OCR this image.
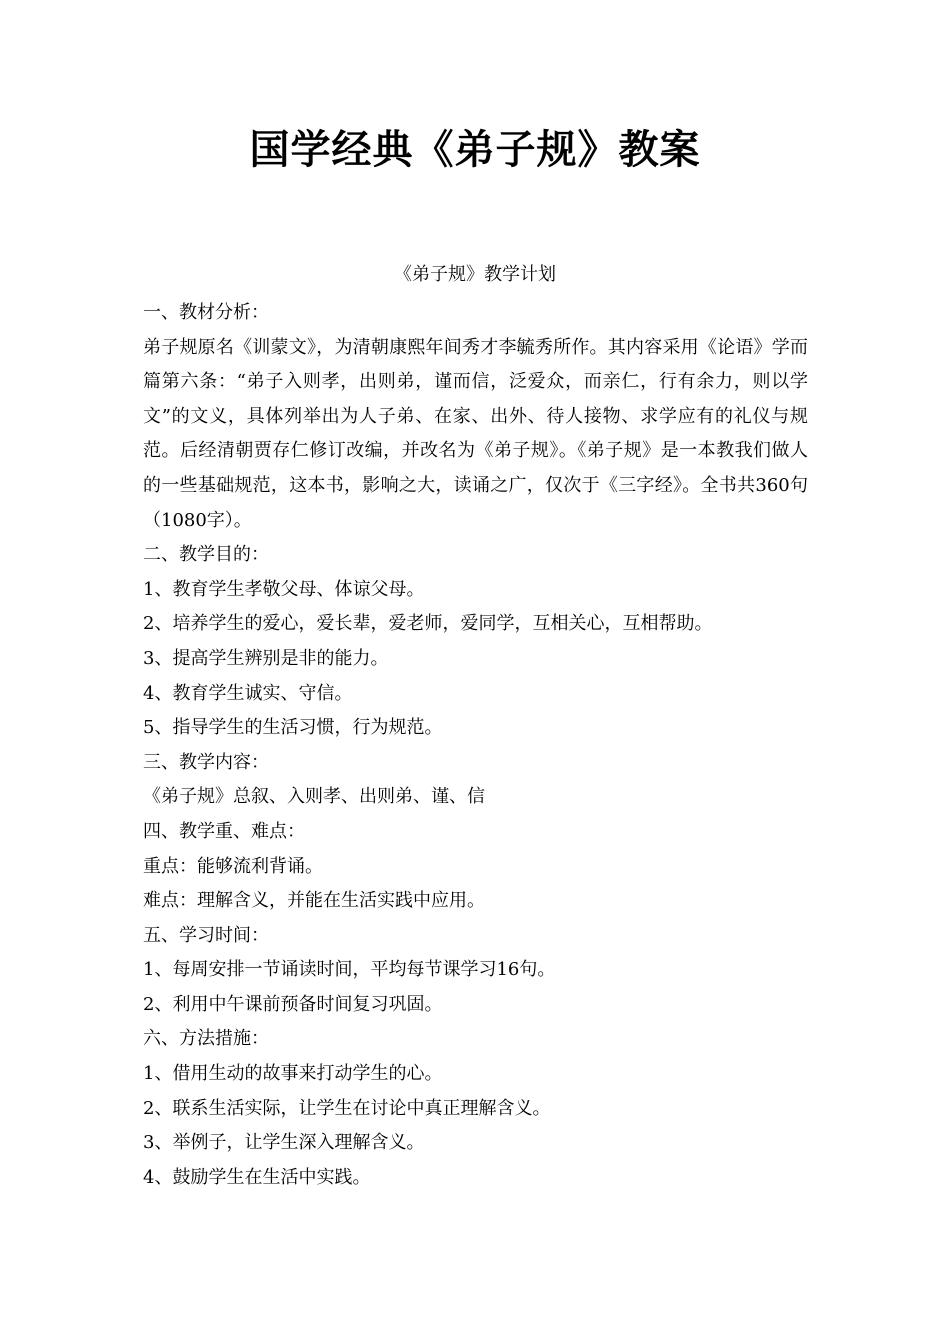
国学经典《弟子规》教案

《弟子规》教学计划

一、教材分析：

弟子规原名《训蒙文》，为清朝康熙年间秀才李毓秀所作。其内容采用《论语》学而篇第六条：“弟子入则孝，出则弟，谨而信，泛爱众，而亲仁，行有余力，则以学文”的文义，具体列举出为人子弟、在家、出外、待人接物、求学应有的礼仪与规范。后经清朝贾存仁修订改编，并改名为《弟子规》。《弟子规》是一本教我们做人的一些基础规范，这本书，影响之大，读诵之广，仅次于《三字经》。全书共360句（1080字）。

二、教学目的：

1、教育学生孝敬父母、体谅父母。

2、培养学生的爱心，爱长辈，爱老师，爱同学，互相关心，互相帮助。

3、提高学生辨别是非的能力。

4、教育学生诚实、守信。

5、指导学生的生活习惯，行为规范。

三、教学内容：

《弟子规》总叙、入则孝、出则弟、谨、信

四、教学重、难点：

重点：能够流利背诵。

难点：理解含义，并能在生活实践中应用。

五、学习时间：

1、每周安排一节诵读时间，平均每节课学习16句。

2、利用中午课前预备时间复习巩固。

六、方法措施：

1、借用生动的故事来打动学生的心。

2、联系生活实际，让学生在讨论中真正理解含义。

3、举例子，让学生深入理解含义。

4、鼓励学生在生活中实践。
